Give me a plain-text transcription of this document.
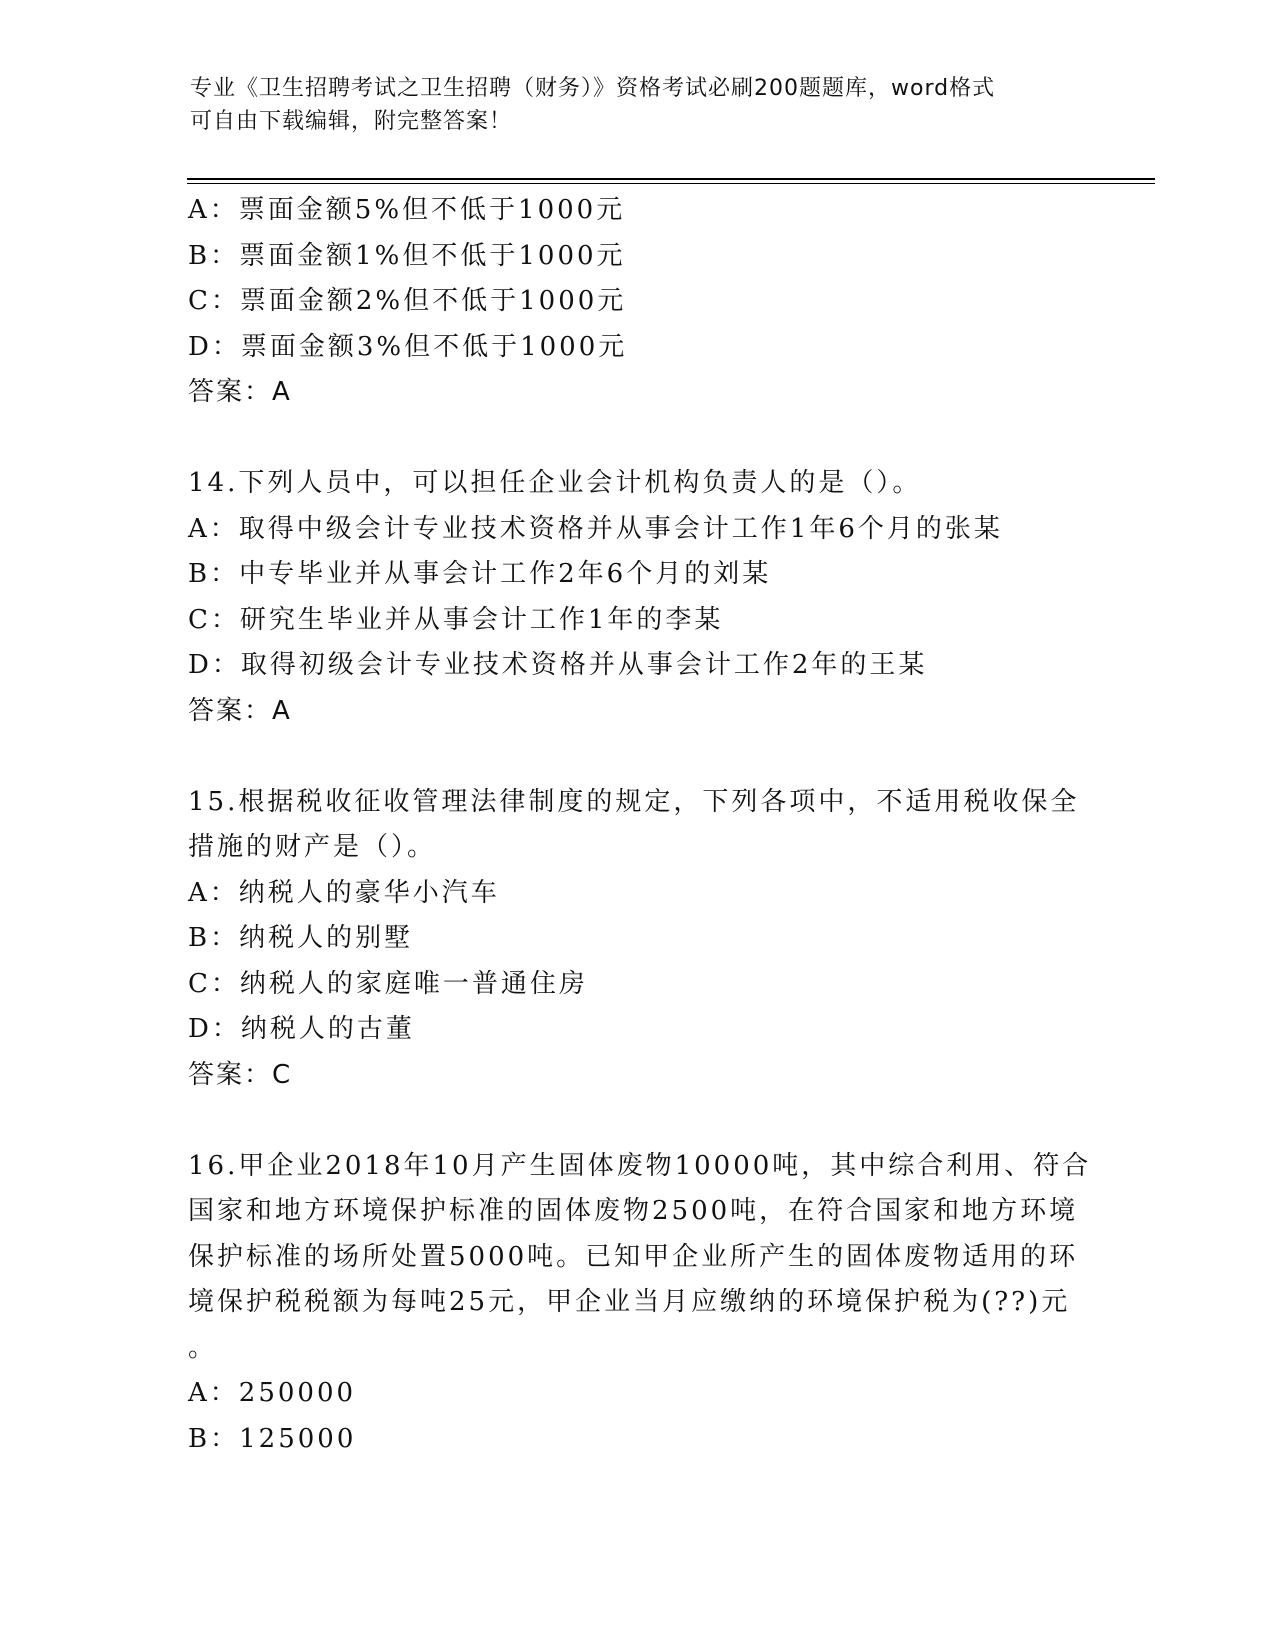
专业《卫生招聘考试之卫生招聘（财务）》资格考试必刷200题题库，word格式
可自由下载编辑，附完整答案！
A：票面金额5%但不低于1000元
B：票面金额1%但不低于1000元
C：票面金额2%但不低于1000元
D：票面金额3%但不低于1000元
答案：A
14.下列人员中，可以担任企业会计机构负责人的是（）。
A：取得中级会计专业技术资格并从事会计工作1年6个月的张某
B：中专毕业并从事会计工作2年6个月的刘某
C：研究生毕业并从事会计工作1年的李某
D：取得初级会计专业技术资格并从事会计工作2年的王某
答案：A
15.根据税收征收管理法律制度的规定，下列各项中，不适用税收保全
措施的财产是（）。
A：纳税人的豪华小汽车
B：纳税人的别墅
C：纳税人的家庭唯一普通住房
D：纳税人的古董
答案：C
16.甲企业2018年10月产生固体废物10000吨，其中综合利用、符合
国家和地方环境保护标准的固体废物2500吨，在符合国家和地方环境
保护标准的场所处置5000吨。已知甲企业所产生的固体废物适用的环
境保护税税额为每吨25元，甲企业当月应缴纳的环境保护税为(??)元
。
A：250000
B：125000
